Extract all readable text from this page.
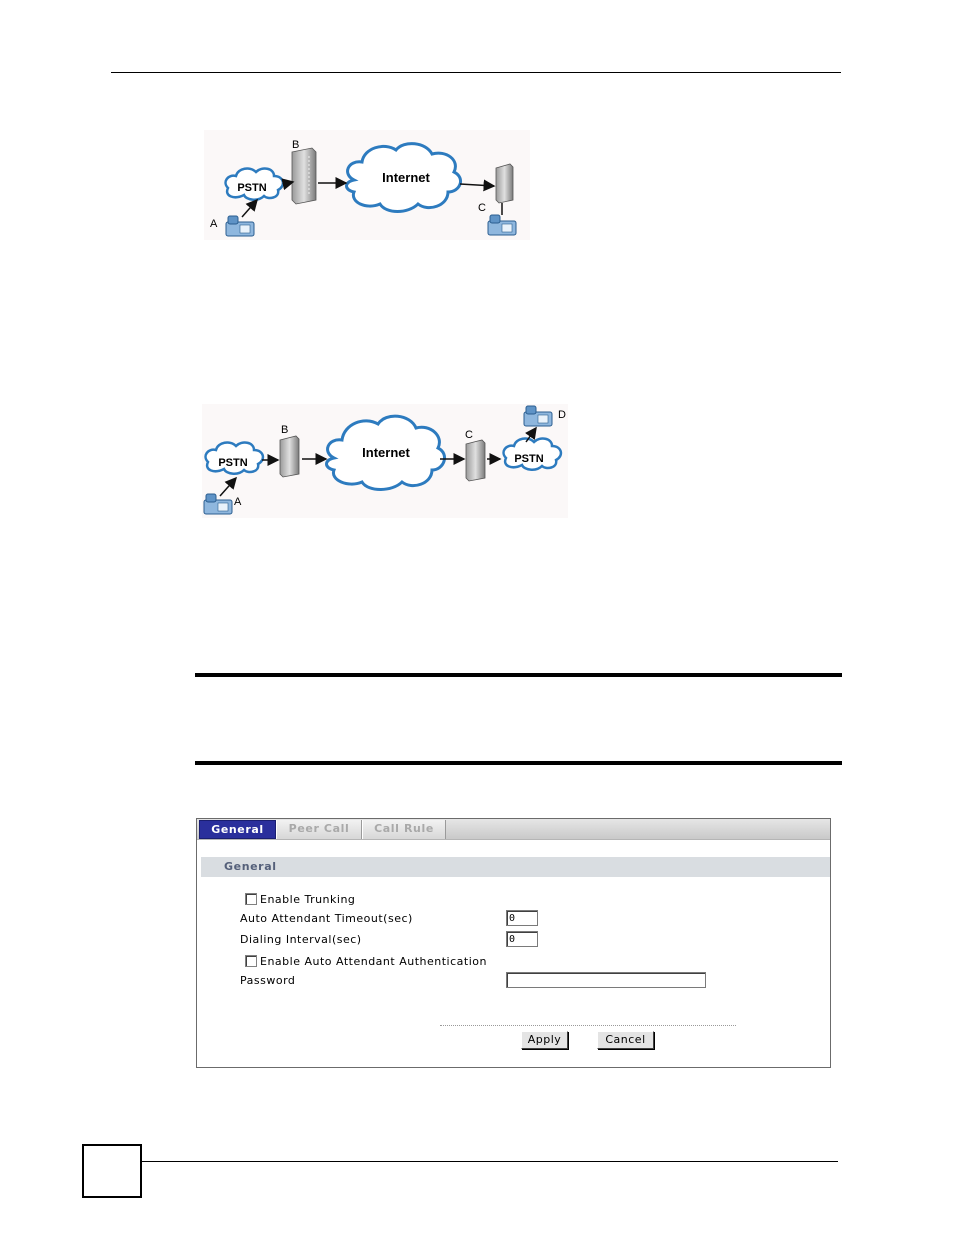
PSTN
B
Internet
C
A
PSTN
B
Internet
C
PSTN
A
D
General	Peer Call	Call Rule
General
Enable Trunking
Auto Attendant Timeout(sec)
0
Dialing Interval(sec)
0
Enable Auto Attendant Authentication
Password
Apply	Cancel
